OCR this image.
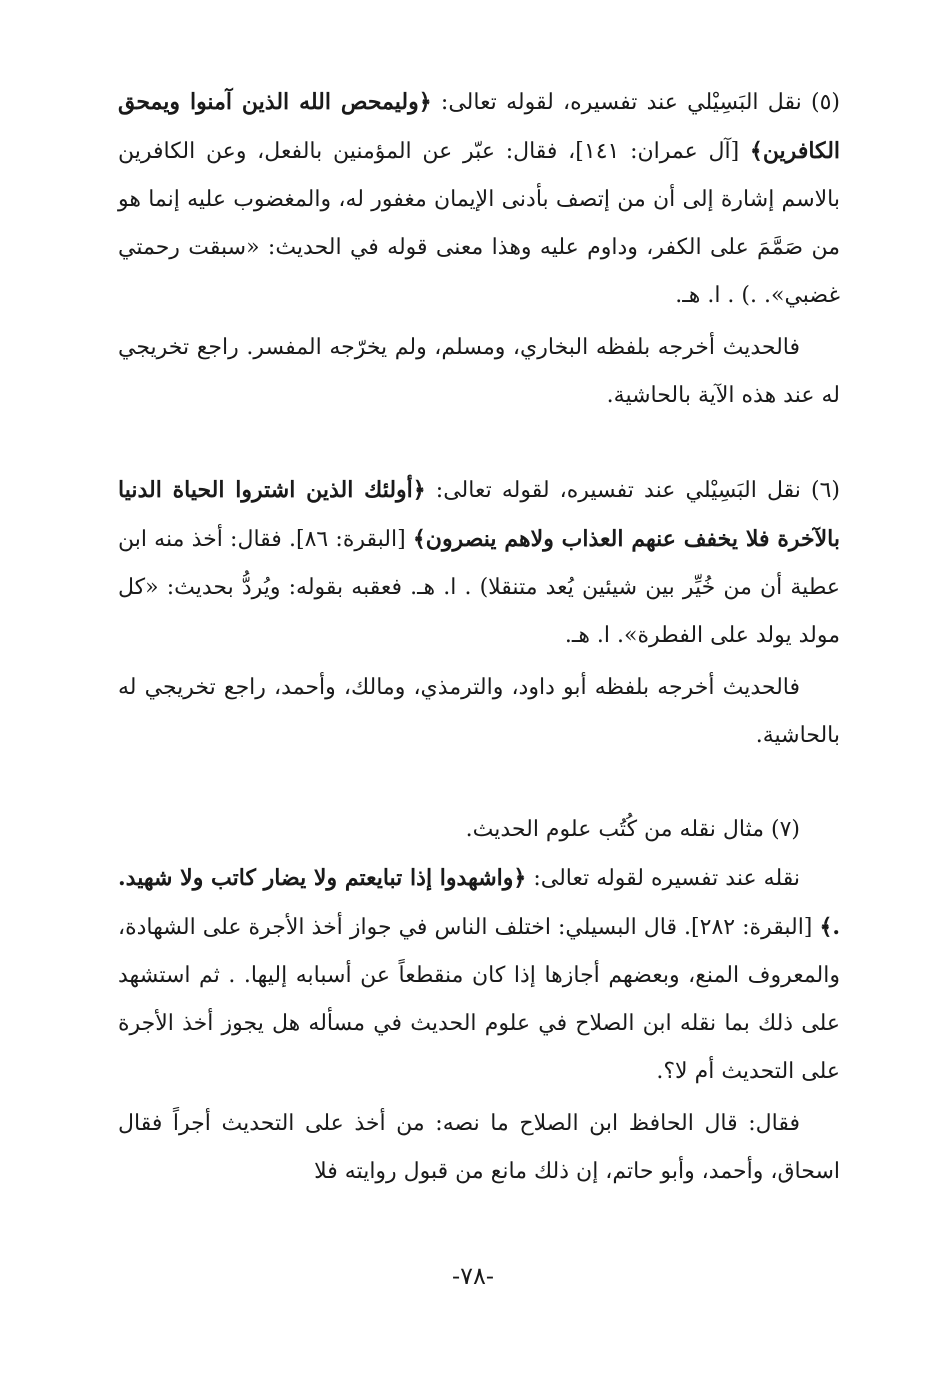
(٥) نقل البَسِيْلي عند تفسيره، لقوله تعالى: ﴿وليمحص الله الذين آمنوا ويمحق الكافرين﴾ [آل عمران: ١٤١]، فقال: عبّر عن المؤمنين بالفعل، وعن الكافرين بالاسم إشارة إلى أن من إتصف بأدنى الإيمان مغفور له، والمغضوب عليه إنما هو من صَمَّمَ على الكفر، وداوم عليه وهذا معنى قوله في الحديث: «سبقت رحمتي غضبي». .) . ا. هـ.

فالحديث أخرجه بلفظه البخاري، ومسلم، ولم يخرّجه المفسر. راجع تخريجي له عند هذه الآية بالحاشية.

(٦) نقل البَسِيْلي عند تفسيره، لقوله تعالى: ﴿أولئك الذين اشتروا الحياة الدنيا بالآخرة فلا يخفف عنهم العذاب ولاهم ينصرون﴾ [البقرة: ٨٦]. فقال: أخذ منه ابن عطية أن من خُيِّر بين شيئين يُعد متنقلا) . ا. هـ. فعقبه بقوله: ويُردُّ بحديث: «كل مولد يولد على الفطرة». ا. هـ.

فالحديث أخرجه بلفظه أبو داود، والترمذي، ومالك، وأحمد، راجع تخريجي له بالحاشية.

(٧) مثال نقله من كُتُب علوم الحديث.

نقله عند تفسيره لقوله تعالى: ﴿واشهدوا إذا تبايعتم ولا يضار كاتب ولا شهيد. .﴾ [البقرة: ٢٨٢]. قال البسيلي: اختلف الناس في جواز أخذ الأجرة على الشهادة، والمعروف المنع، وبعضهم أجازها إذا كان منقطعاً عن أسبابه إليها. . ثم استشهد على ذلك بما نقله ابن الصلاح في علوم الحديث في مسأله هل يجوز أخذ الأجرة على التحديث أم لا؟.

فقال: قال الحافظ ابن الصلاح ما نصه: من أخذ على التحديث أجراً فقال اسحاق، وأحمد، وأبو حاتم، إن ذلك مانع من قبول روايته فلا

-٧٨-
